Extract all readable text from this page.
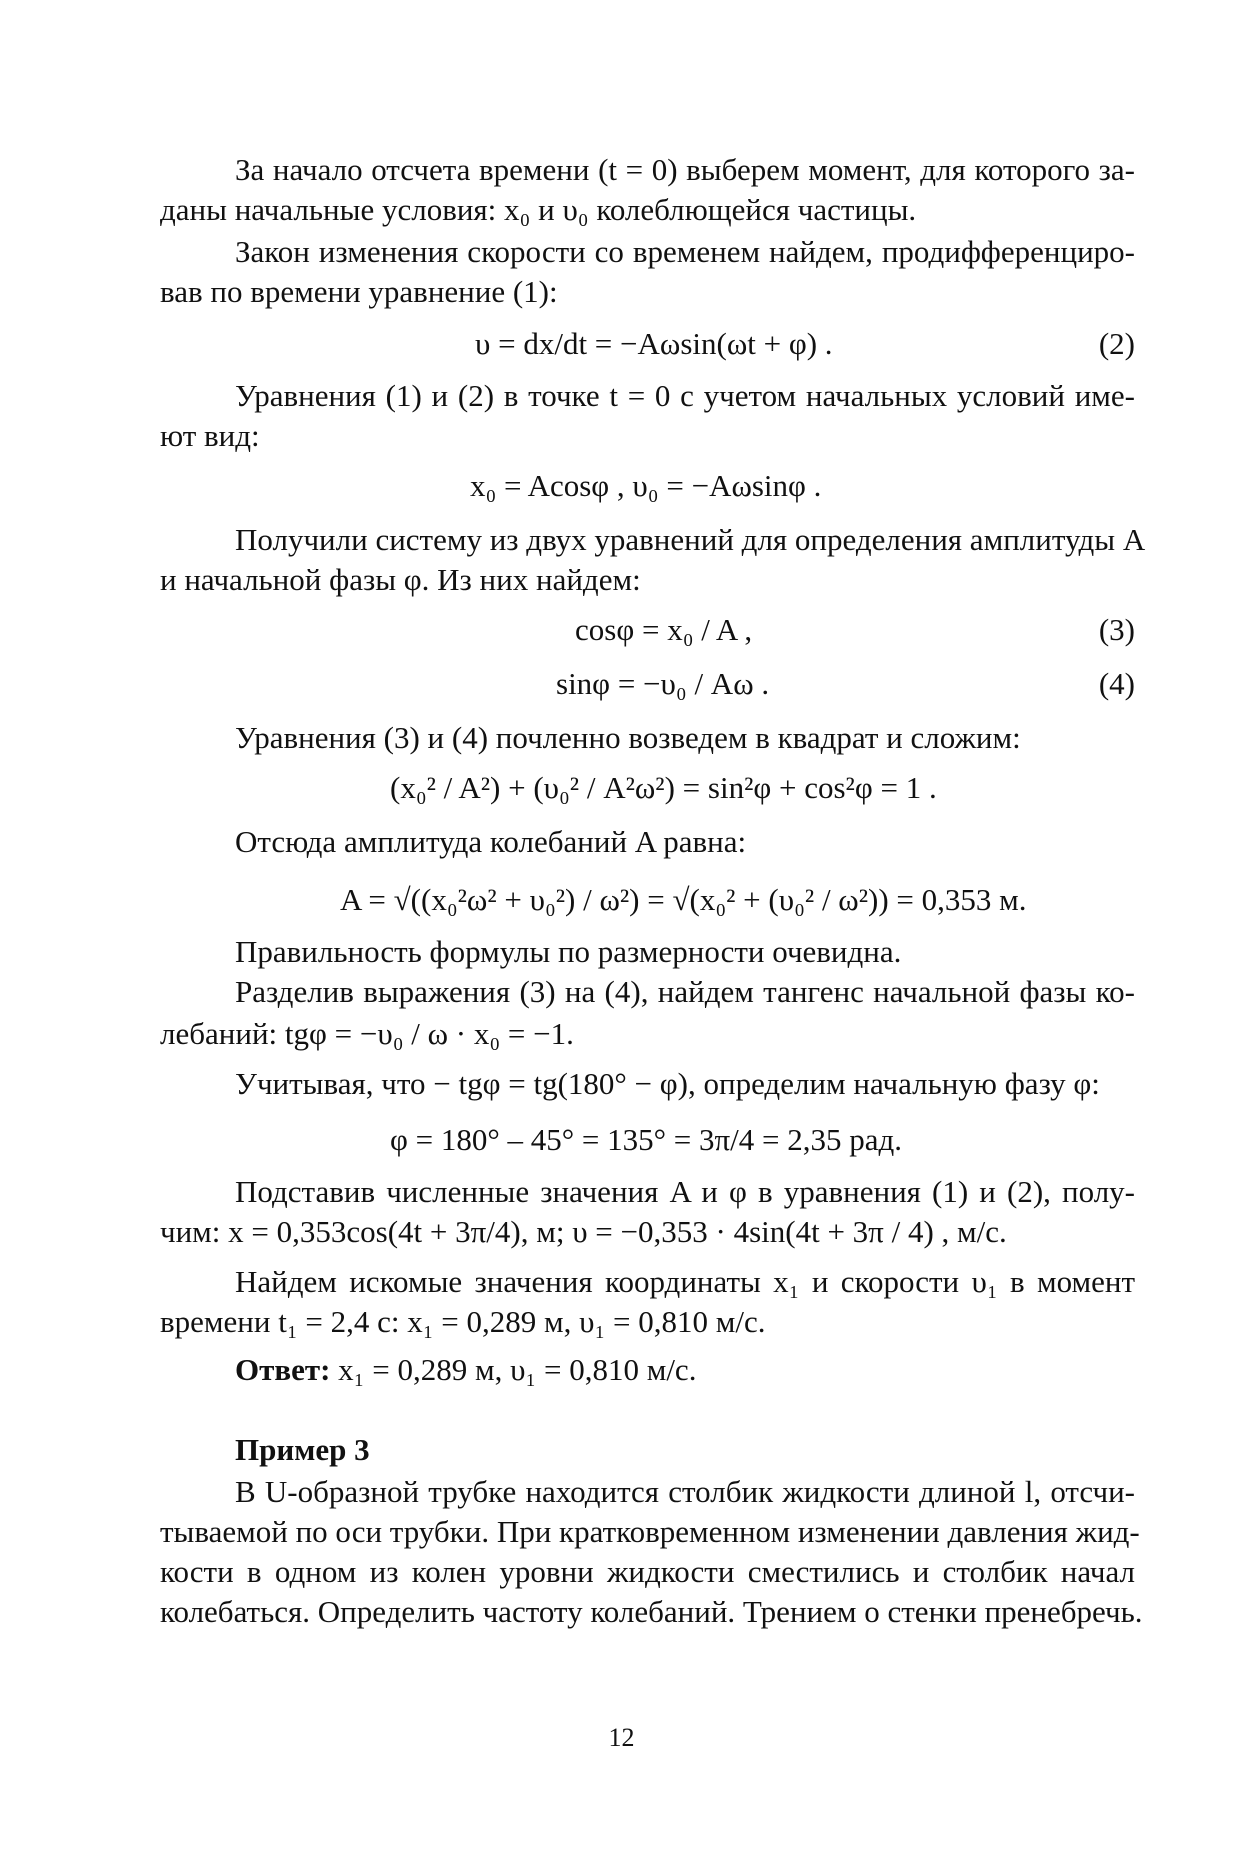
За начало отсчета времени (t = 0) выберем момент, для которого за-

даны начальные условия: x₀ и υ₀ колеблющейся частицы.

Закон изменения скорости со временем найдем, продифференциро-

вав по времени уравнение (1):

υ = dx/dt = −Aωsin(ωt + φ) .	(2)

Уравнения (1) и (2) в точке t = 0 с учетом начальных условий име-

ют вид:

x₀ = Acosφ , υ₀ = −Aωsinφ .

Получили систему из двух уравнений для определения амплитуды A

и начальной фазы φ. Из них найдем:

cosφ = x₀ / A ,	(3)

sinφ = −υ₀ / Aω .	(4)

Уравнения (3) и (4) почленно возведем в квадрат и сложим:

(x₀² / A²) + (υ₀² / A²ω²) = sin²φ + cos²φ = 1 .

Отсюда амплитуда колебаний A равна:

A = √((x₀²ω² + υ₀²) / ω²) = √(x₀² + (υ₀² / ω²)) = 0,353 м.

Правильность формулы по размерности очевидна.

Разделив выражения (3) на (4), найдем тангенс начальной фазы ко-

лебаний: tgφ = −υ₀ / ω · x₀ = −1.

Учитывая, что − tgφ = tg(180° − φ), определим начальную фазу φ:

φ = 180° – 45° = 135° = 3π/4 = 2,35 рад.

Подставив численные значения A и φ в уравнения (1) и (2), полу-

чим: x = 0,353cos(4t + 3π/4), м; υ = −0,353 · 4sin(4t + 3π / 4) , м/с.

Найдем искомые значения координаты x₁ и скорости υ₁ в момент

времени t₁ = 2,4 с: x₁ = 0,289 м, υ₁ = 0,810 м/с.

Ответ: x₁ = 0,289 м, υ₁ = 0,810 м/с.

Пример 3

В U-образной трубке находится столбик жидкости длиной l, отсчи-

тываемой по оси трубки. При кратковременном изменении давления жид-

кости в одном из колен уровни жидкости сместились и столбик начал

колебаться. Определить частоту колебаний. Трением о стенки пренебречь.

12
